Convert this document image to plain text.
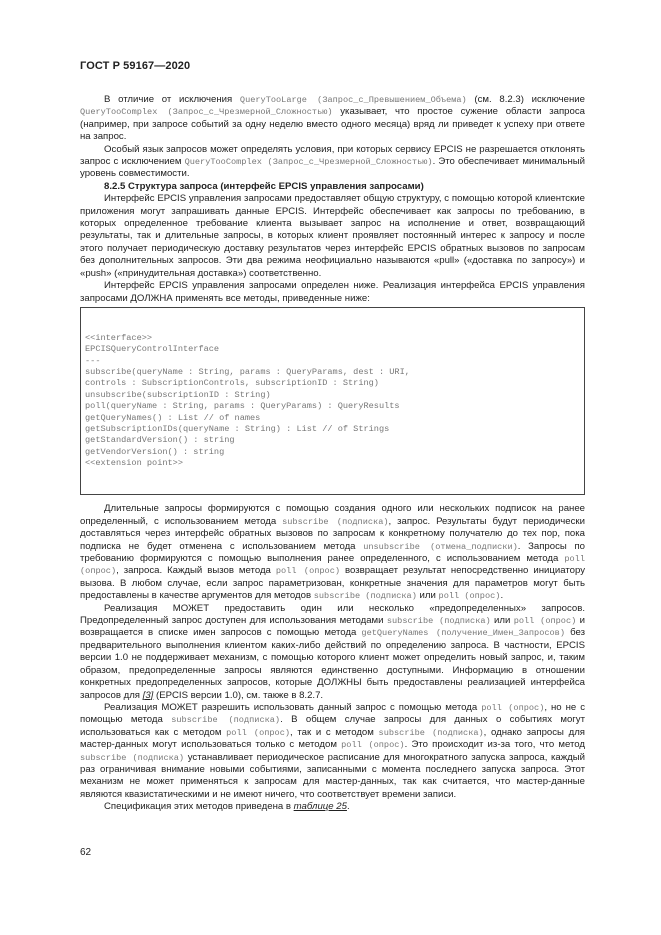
ГОСТ Р 59167—2020

В отличие от исключения QueryTooLarge (Запрос_с_Превышением_Объема) (см. 8.2.3) исключение QueryTooComplex (Запрос_с_Чрезмерной_Сложностью) указывает, что простое сужение области запроса (например, при запросе событий за одну неделю вместо одного месяца) вряд ли приведет к успеху при ответе на запрос.

Особый язык запросов может определять условия, при которых сервису EPCIS не разрешается отклонять запрос с исключением QueryTooComplex (Запрос_с_Чрезмерной_Сложностью). Это обеспечивает минимальный уровень совместимости.

8.2.5 Структура запроса (интерфейс EPCIS управления запросами)

Интерфейс EPCIS управления запросами предоставляет общую структуру, с помощью которой клиентские приложения могут запрашивать данные EPCIS. Интерфейс обеспечивает как запросы по требованию, в которых определенное требование клиента вызывает запрос на исполнение и ответ, возвращающий результаты, так и длительные запросы, в которых клиент проявляет постоянный интерес к запросу и после этого получает периодическую доставку результатов через интерфейс EPCIS обратных вызовов по запросам без дополнительных запросов. Эти два режима неофициально называются «pull» («доставка по запросу») и «push» («принудительная доставка») соответственно.

Интерфейс EPCIS управления запросами определен ниже. Реализация интерфейса EPCIS управления запросами ДОЛЖНА применять все методы, приведенные ниже:

<<interface>>
EPCISQueryControlInterface
---
subscribe(queryName : String, params : QueryParams, dest : URI,
controls : SubscriptionControls, subscriptionID : String)
unsubscribe(subscriptionID : String)
poll(queryName : String, params : QueryParams) : QueryResults
getQueryNames() : List // of names
getSubscriptionIDs(queryName : String) : List // of Strings
getStandardVersion() : string
getVendorVersion() : string
<<extension point>>

Длительные запросы формируются с помощью создания одного или нескольких подписок на ранее определенный, с использованием метода subscribe (подписка), запрос. Результаты будут периодически доставляться через интерфейс обратных вызовов по запросам к конкретному получателю до тех пор, пока подписка не будет отменена с использованием метода unsubscribe (отмена_подписки). Запросы по требованию формируются с помощью выполнения ранее определенного, с использованием метода poll (опрос), запроса. Каждый вызов метода poll (опрос) возвращает результат непосредственно инициатору вызова. В любом случае, если запрос параметризован, конкретные значения для параметров могут быть предоставлены в качестве аргументов для методов subscribe (подписка) или poll (опрос).

Реализация МОЖЕТ предоставить один или несколько «предопределенных» запросов. Предопределенный запрос доступен для использования методами subscribe (подписка) или poll (опрос) и возвращается в списке имен запросов с помощью метода getQueryNames (получение_Имен_Запросов) без предварительного выполнения клиентом каких-либо действий по определению запроса. В частности, EPCIS версии 1.0 не поддерживает механизм, с помощью которого клиент может определить новый запрос, и, таким образом, предопределенные запросы являются единственно доступными. Информацию в отношении конкретных предопределенных запросов, которые ДОЛЖНЫ быть предоставлены реализацией интерфейса запросов для [3] (EPCIS версии 1.0), см. также в 8.2.7.

Реализация МОЖЕТ разрешить использовать данный запрос с помощью метода poll (опрос), но не с помощью метода subscribe (подписка). В общем случае запросы для данных о событиях могут использоваться как с методом poll (опрос), так и с методом subscribe (подписка), однако запросы для мастер-данных могут использоваться только с методом poll (опрос). Это происходит из-за того, что метод subscribe (подписка) устанавливает периодическое расписание для многократного запуска запроса, каждый раз ограничивая внимание новыми событиями, записанными с момента последнего запуска запроса. Этот механизм не может применяться к запросам для мастер-данных, так как считается, что мастер-данные являются квазистатическими и не имеют ничего, что соответствует времени записи.

Спецификация этих методов приведена в таблице 25.

62
